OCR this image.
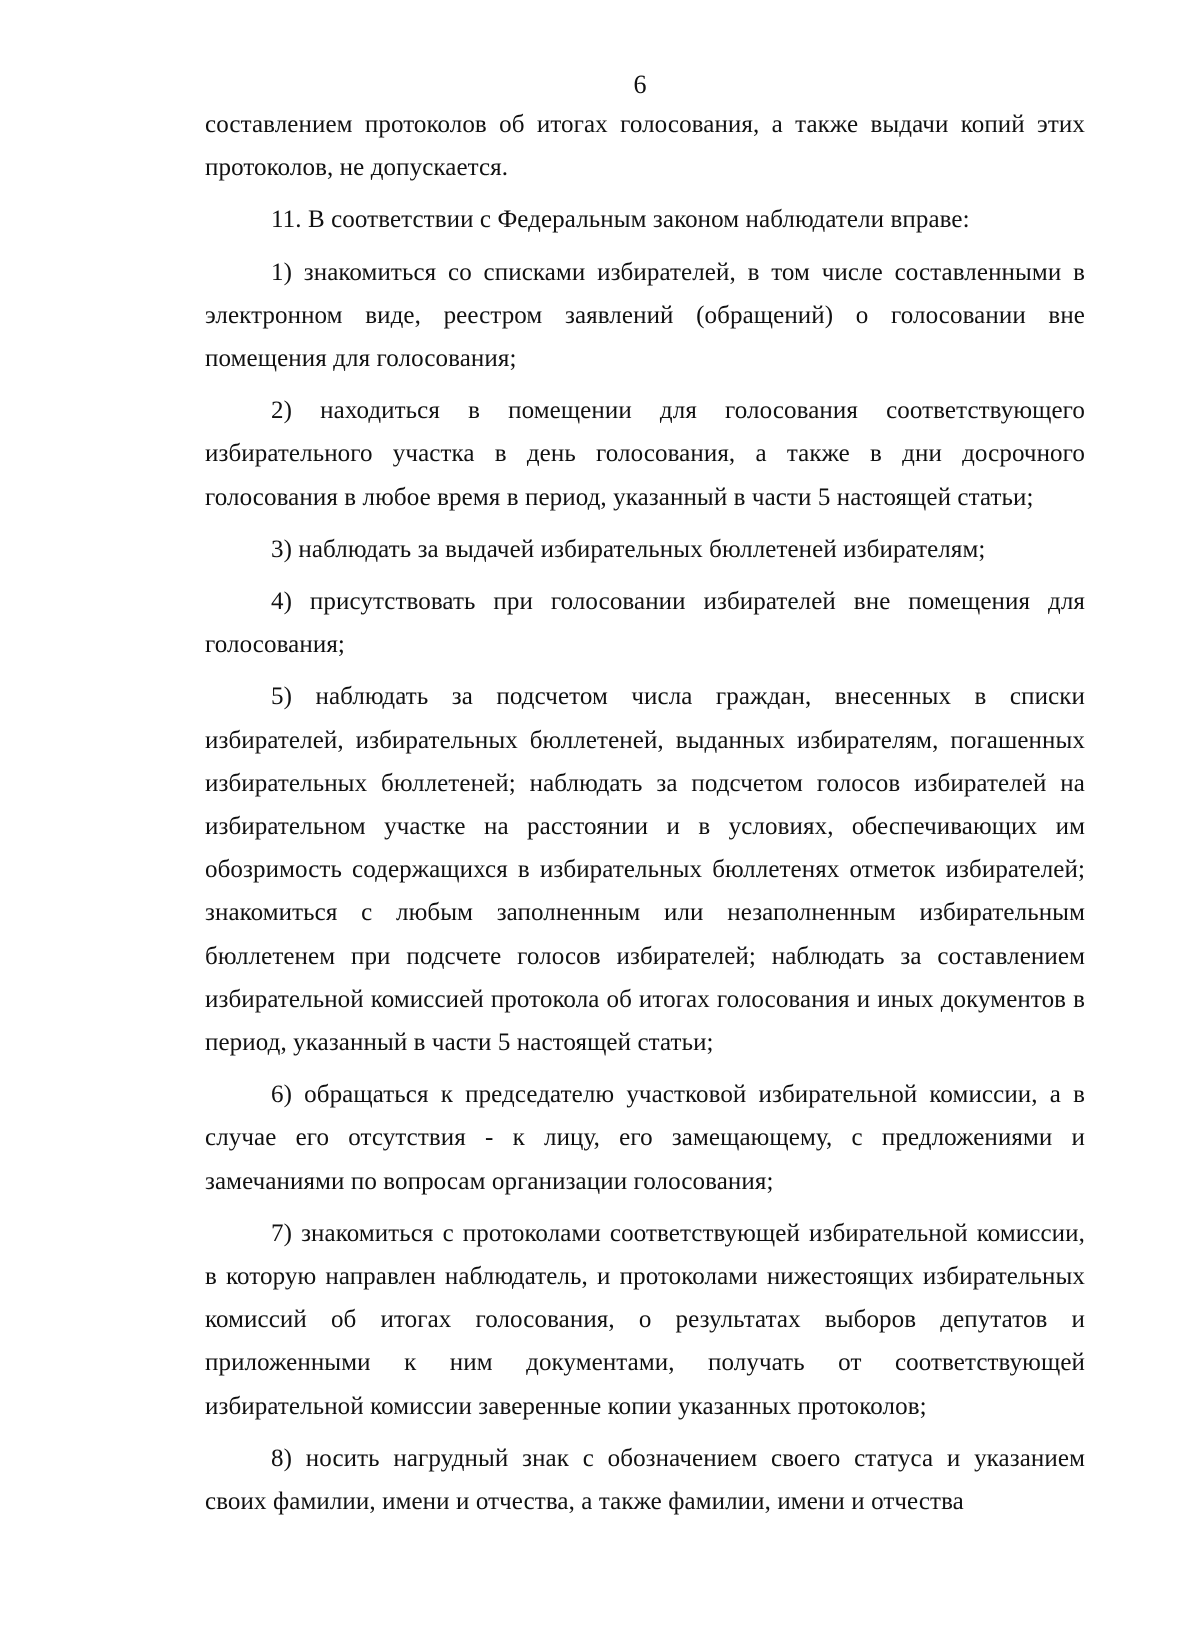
6

составлением протоколов об итогах голосования, а также выдачи копий этих протоколов, не допускается.

11. В соответствии с Федеральным законом наблюдатели вправе:

1) знакомиться со списками избирателей, в том числе составленными в электронном виде, реестром заявлений (обращений) о голосовании вне помещения для голосования;

2) находиться в помещении для голосования соответствующего избирательного участка в день голосования, а также в дни досрочного голосования в любое время в период, указанный в части 5 настоящей статьи;

3) наблюдать за выдачей избирательных бюллетеней избирателям;

4) присутствовать при голосовании избирателей вне помещения для голосования;

5) наблюдать за подсчетом числа граждан, внесенных в списки избирателей, избирательных бюллетеней, выданных избирателям, погашенных избирательных бюллетеней; наблюдать за подсчетом голосов избирателей на избирательном участке на расстоянии и в условиях, обеспечивающих им обозримость содержащихся в избирательных бюллетенях отметок избирателей; знакомиться с любым заполненным или незаполненным избирательным бюллетенем при подсчете голосов избирателей; наблюдать за составлением избирательной комиссией протокола об итогах голосования и иных документов в период, указанный в части 5 настоящей статьи;

6) обращаться к председателю участковой избирательной комиссии, а в случае его отсутствия - к лицу, его замещающему, с предложениями и замечаниями по вопросам организации голосования;

7) знакомиться с протоколами соответствующей избирательной комиссии, в которую направлен наблюдатель, и протоколами нижестоящих избирательных комиссий об итогах голосования, о результатах выборов депутатов и приложенными к ним документами, получать от соответствующей избирательной комиссии заверенные копии указанных протоколов;

8) носить нагрудный знак с обозначением своего статуса и указанием своих фамилии, имени и отчества, а также фамилии, имени и отчества
